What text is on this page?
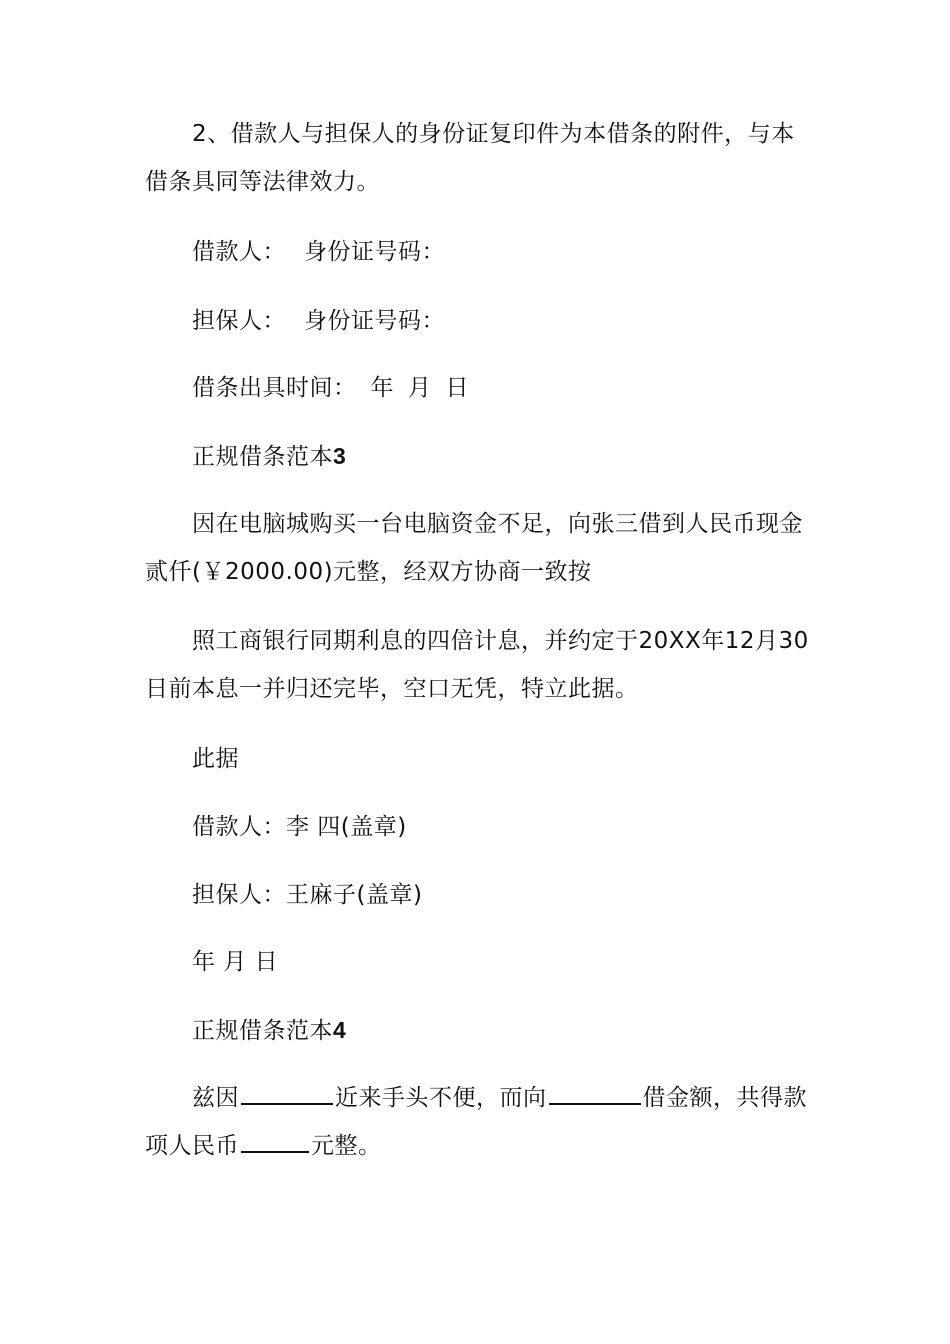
2、借款人与担保人的身份证复印件为本借条的附件，与本借条具同等法律效力。

借款人： 身份证号码：

担保人： 身份证号码：

借条出具时间： 年 月 日

正规借条范本3

因在电脑城购买一台电脑资金不足，向张三借到人民币现金贰仟(￥2000.00)元整，经双方协商一致按

照工商银行同期利息的四倍计息，并约定于20XX年12月30日前本息一并归还完毕，空口无凭，特立此据。

此据

借款人：李 四(盖章)

担保人：王麻子(盖章)

年 月 日

正规借条范本4

兹因	近来手头不便，而向	借金额，共得款项人民币	元整。
